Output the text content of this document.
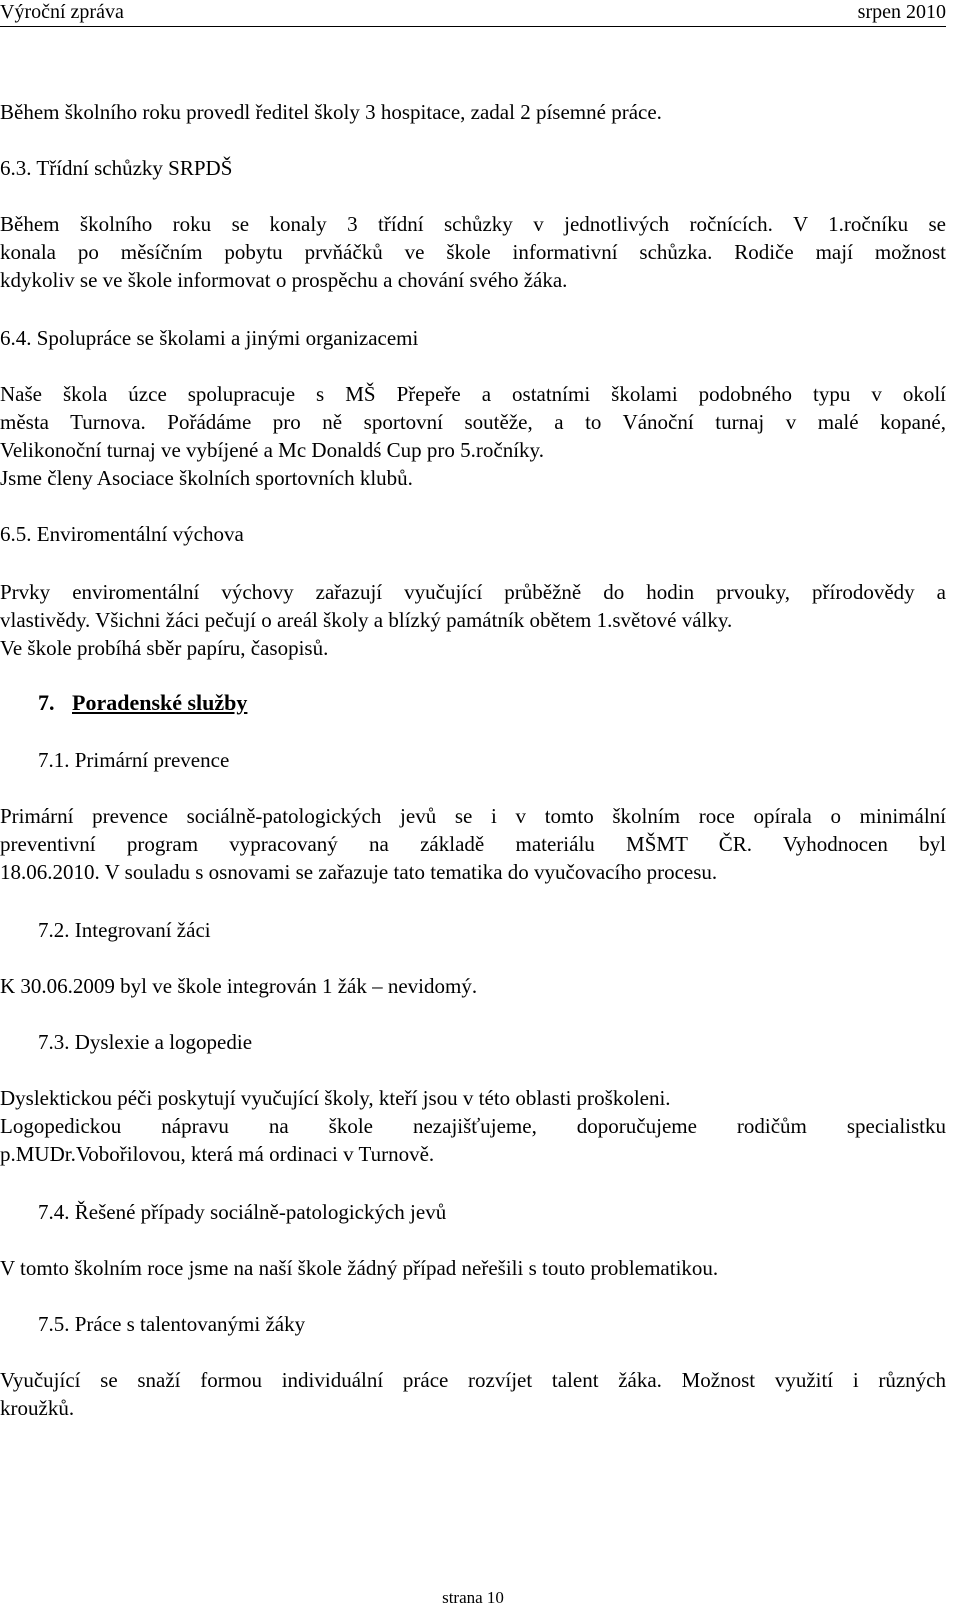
Výroční zpráva	srpen 2010
Během školního roku provedl ředitel školy 3 hospitace, zadal 2 písemné práce.
6.3. Třídní schůzky SRPDŠ
Během školního roku se konaly 3 třídní schůzky v jednotlivých ročnících. V 1.ročníku se
konala po měsíčním pobytu prvňáčků ve škole informativní schůzka. Rodiče mají možnost
kdykoliv se ve škole informovat o prospěchu a chování svého žáka.
6.4. Spolupráce se školami a jinými organizacemi
Naše škola úzce spolupracuje s MŠ Přepeře a ostatními školami podobného typu v okolí
města Turnova. Pořádáme pro ně sportovní soutěže, a to Vánoční turnaj v malé kopané,
Velikonoční turnaj ve vybíjené a Mc Donaldś Cup pro 5.ročníky.
Jsme členy Asociace školních sportovních klubů.
6.5. Enviromentální výchova
Prvky enviromentální výchovy zařazují vyučující průběžně do hodin prvouky, přírodovědy a
vlastivědy. Všichni žáci pečují o areál školy a blízký památník obětem 1.světové války.
Ve škole probíhá sběr papíru, časopisů.
7. Poradenské služby
7.1. Primární prevence
Primární prevence sociálně-patologických jevů se i v tomto školním roce opírala o minimální
preventivní program vypracovaný na základě materiálu MŠMT ČR. Vyhodnocen byl
18.06.2010. V souladu s osnovami se zařazuje tato tematika do vyučovacího procesu.
7.2. Integrovaní žáci
K 30.06.2009 byl ve škole integrován 1 žák – nevidomý.
7.3. Dyslexie a logopedie
Dyslektickou péči poskytují vyučující školy, kteří jsou v této oblasti proškoleni.
Logopedickou nápravu na škole nezajišťujeme, doporučujeme rodičům specialistku
p.MUDr.Vobořilovou, která má ordinaci v Turnově.
7.4. Řešené případy sociálně-patologických jevů
V tomto školním roce jsme na naší škole žádný případ neřešili s touto problematikou.
7.5. Práce s talentovanými žáky
Vyučující se snaží formou individuální práce rozvíjet talent žáka. Možnost využití i různých
kroužků.
strana 10
